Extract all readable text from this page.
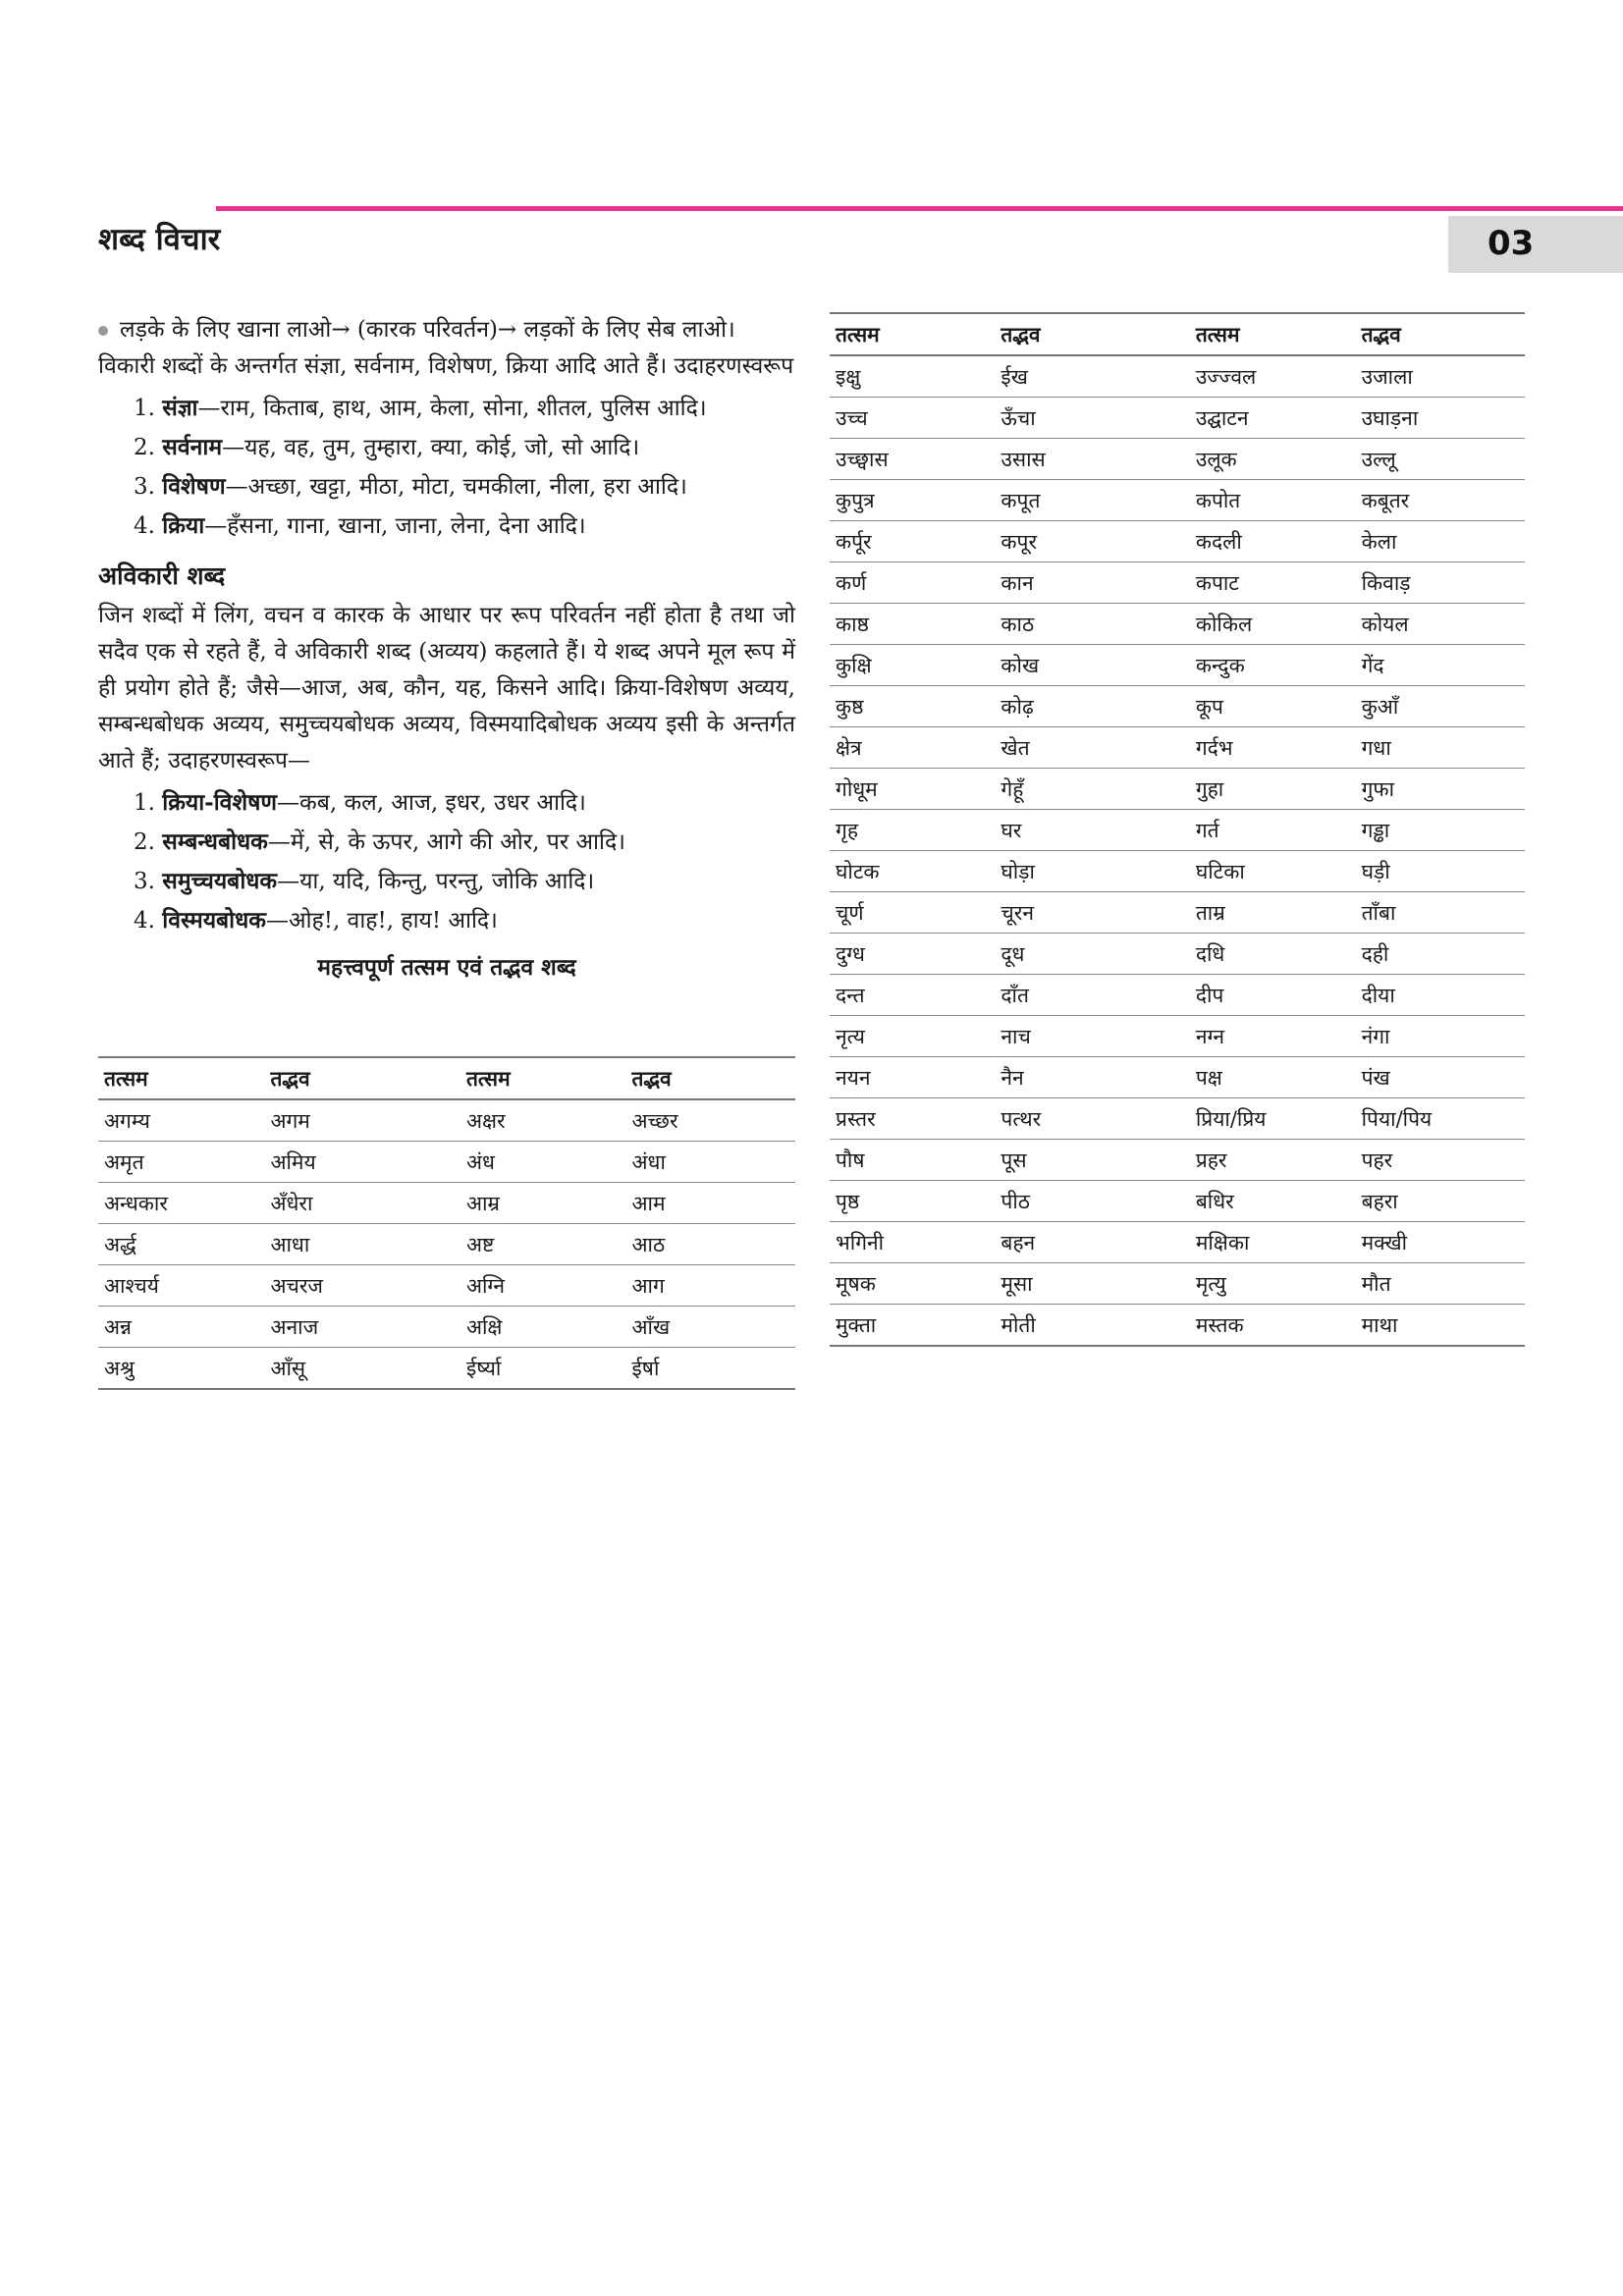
शब्द विचार	03
लड़के के लिए खाना लाओ→ (कारक परिवर्तन)→ लड़कों के लिए सेब लाओ।

विकारी शब्दों के अन्तर्गत संज्ञा, सर्वनाम, विशेषण, क्रिया आदि आते हैं। उदाहरणस्वरूप

1. संज्ञा—राम, किताब, हाथ, आम, केला, सोना, शीतल, पुलिस आदि।
2. सर्वनाम—यह, वह, तुम, तुम्हारा, क्या, कोई, जो, सो आदि।
3. विशेषण—अच्छा, खट्टा, मीठा, मोटा, चमकीला, नीला, हरा आदि।
4. क्रिया—हँसना, गाना, खाना, जाना, लेना, देना आदि।
अविकारी शब्द

जिन शब्दों में लिंग, वचन व कारक के आधार पर रूप परिवर्तन नहीं होता है तथा जो सदैव एक से रहते हैं, वे अविकारी शब्द (अव्यय) कहलाते हैं। ये शब्द अपने मूल रूप में ही प्रयोग होते हैं; जैसे—आज, अब, कौन, यह, किसने आदि। क्रिया-विशेषण अव्यय, सम्बन्धबोधक अव्यय, समुच्चयबोधक अव्यय, विस्मयादिबोधक अव्यय इसी के अन्तर्गत आते हैं; उदाहरणस्वरूप—

1. क्रिया-विशेषण—कब, कल, आज, इधर, उधर आदि।
2. सम्बन्धबोधक—में, से, के ऊपर, आगे की ओर, पर आदि।
3. समुच्चयबोधक—या, यदि, किन्तु, परन्तु, जोकि आदि।
4. विस्मयबोधक—ओह!, वाह!, हाय! आदि।
महत्त्वपूर्ण तत्सम एवं तद्भव शब्द
तत्सम	तद्भव	तत्सम	तद्भव
अगम्य	अगम	अक्षर	अच्छर
अमृत	अमिय	अंध	अंधा
अन्धकार	अँधेरा	आम्र	आम
अर्द्ध	आधा	अष्ट	आठ
आश्चर्य	अचरज	अग्नि	आग
अन्न	अनाज	अक्षि	आँख
अश्रु	आँसू	ईर्ष्या	ईर्षा
तत्सम	तद्भव	तत्सम	तद्भव
इक्षु	ईख	उज्ज्वल	उजाला
उच्च	ऊँचा	उद्घाटन	उघाड़ना
उच्छ्वास	उसास	उलूक	उल्लू
कुपुत्र	कपूत	कपोत	कबूतर
कर्पूर	कपूर	कदली	केला
कर्ण	कान	कपाट	किवाड़
काष्ठ	काठ	कोकिल	कोयल
कुक्षि	कोख	कन्दुक	गेंद
कुष्ठ	कोढ़	कूप	कुआँ
क्षेत्र	खेत	गर्दभ	गधा
गोधूम	गेहूँ	गुहा	गुफा
गृह	घर	गर्त	गड्ढा
घोटक	घोड़ा	घटिका	घड़ी
चूर्ण	चूरन	ताम्र	ताँबा
दुग्ध	दूध	दधि	दही
दन्त	दाँत	दीप	दीया
नृत्य	नाच	नग्न	नंगा
नयन	नैन	पक्ष	पंख
प्रस्तर	पत्थर	प्रिया/प्रिय	पिया/पिय
पौष	पूस	प्रहर	पहर
पृष्ठ	पीठ	बधिर	बहरा
भगिनी	बहन	मक्षिका	मक्खी
मूषक	मूसा	मृत्यु	मौत
मुक्ता	मोती	मस्तक	माथा
